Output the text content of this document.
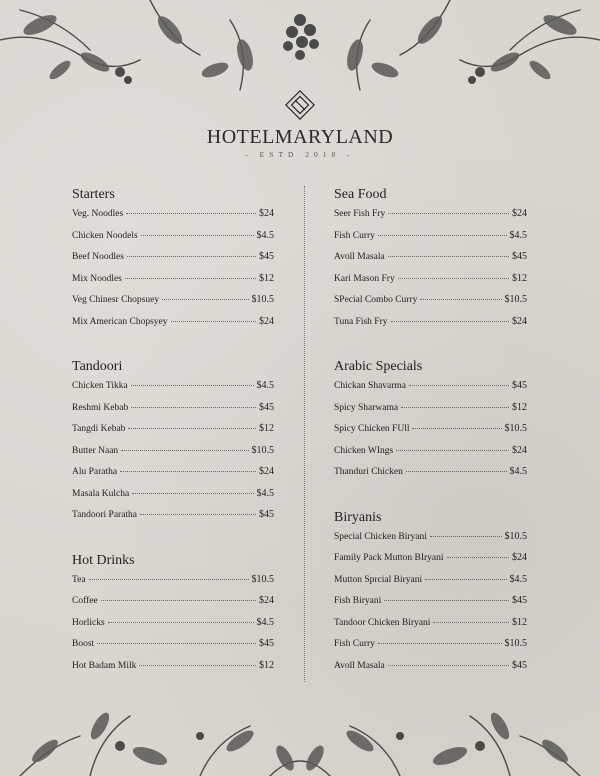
HOTELMARYLAND
- ESTD 2018 -
Starters
Veg. Noodles	$24
Chicken Noodels	$4.5
Beef Noodles	$45
Mix Noodles	$12
Veg Chinesr Chopsuey	$10.5
Mix American Chopsyey	$24
Tandoori
Chicken Tikka	$4.5
Reshmi Kebab	$45
Tangdi Kebab	$12
Butter Naan	$10.5
Alu Paratha	$24
Masala Kulcha	$4.5
Tandoori Paratha	$45
Hot Drinks
Tea	$10.5
Coffee	$24
Horlicks	$4.5
Boost	$45
Hot Badam Milk	$12
Sea Food
Seer Fish Fry	$24
Fish Curry	$4.5
Avoll Masala	$45
Kari Mason Fry	$12
SPecial Combo Curry	$10.5
Tuna Fish Fry	$24
Arabic Specials
Chickan Shavarma	$45
Spicy Sharwama	$12
Spicy Chicken FUll	$10.5
Chicken WIngs	$24
Thanduri Chicken	$4.5
Biryanis
Special Chicken Biryani	$10.5
Family Pack Mutton BIryani	$24
Mutton Sprcial Biryani	$4.5
Fish Biryani	$45
Tandoor Chicken Biryani	$12
Fish Curry	$10.5
Avoll Masala	$45
